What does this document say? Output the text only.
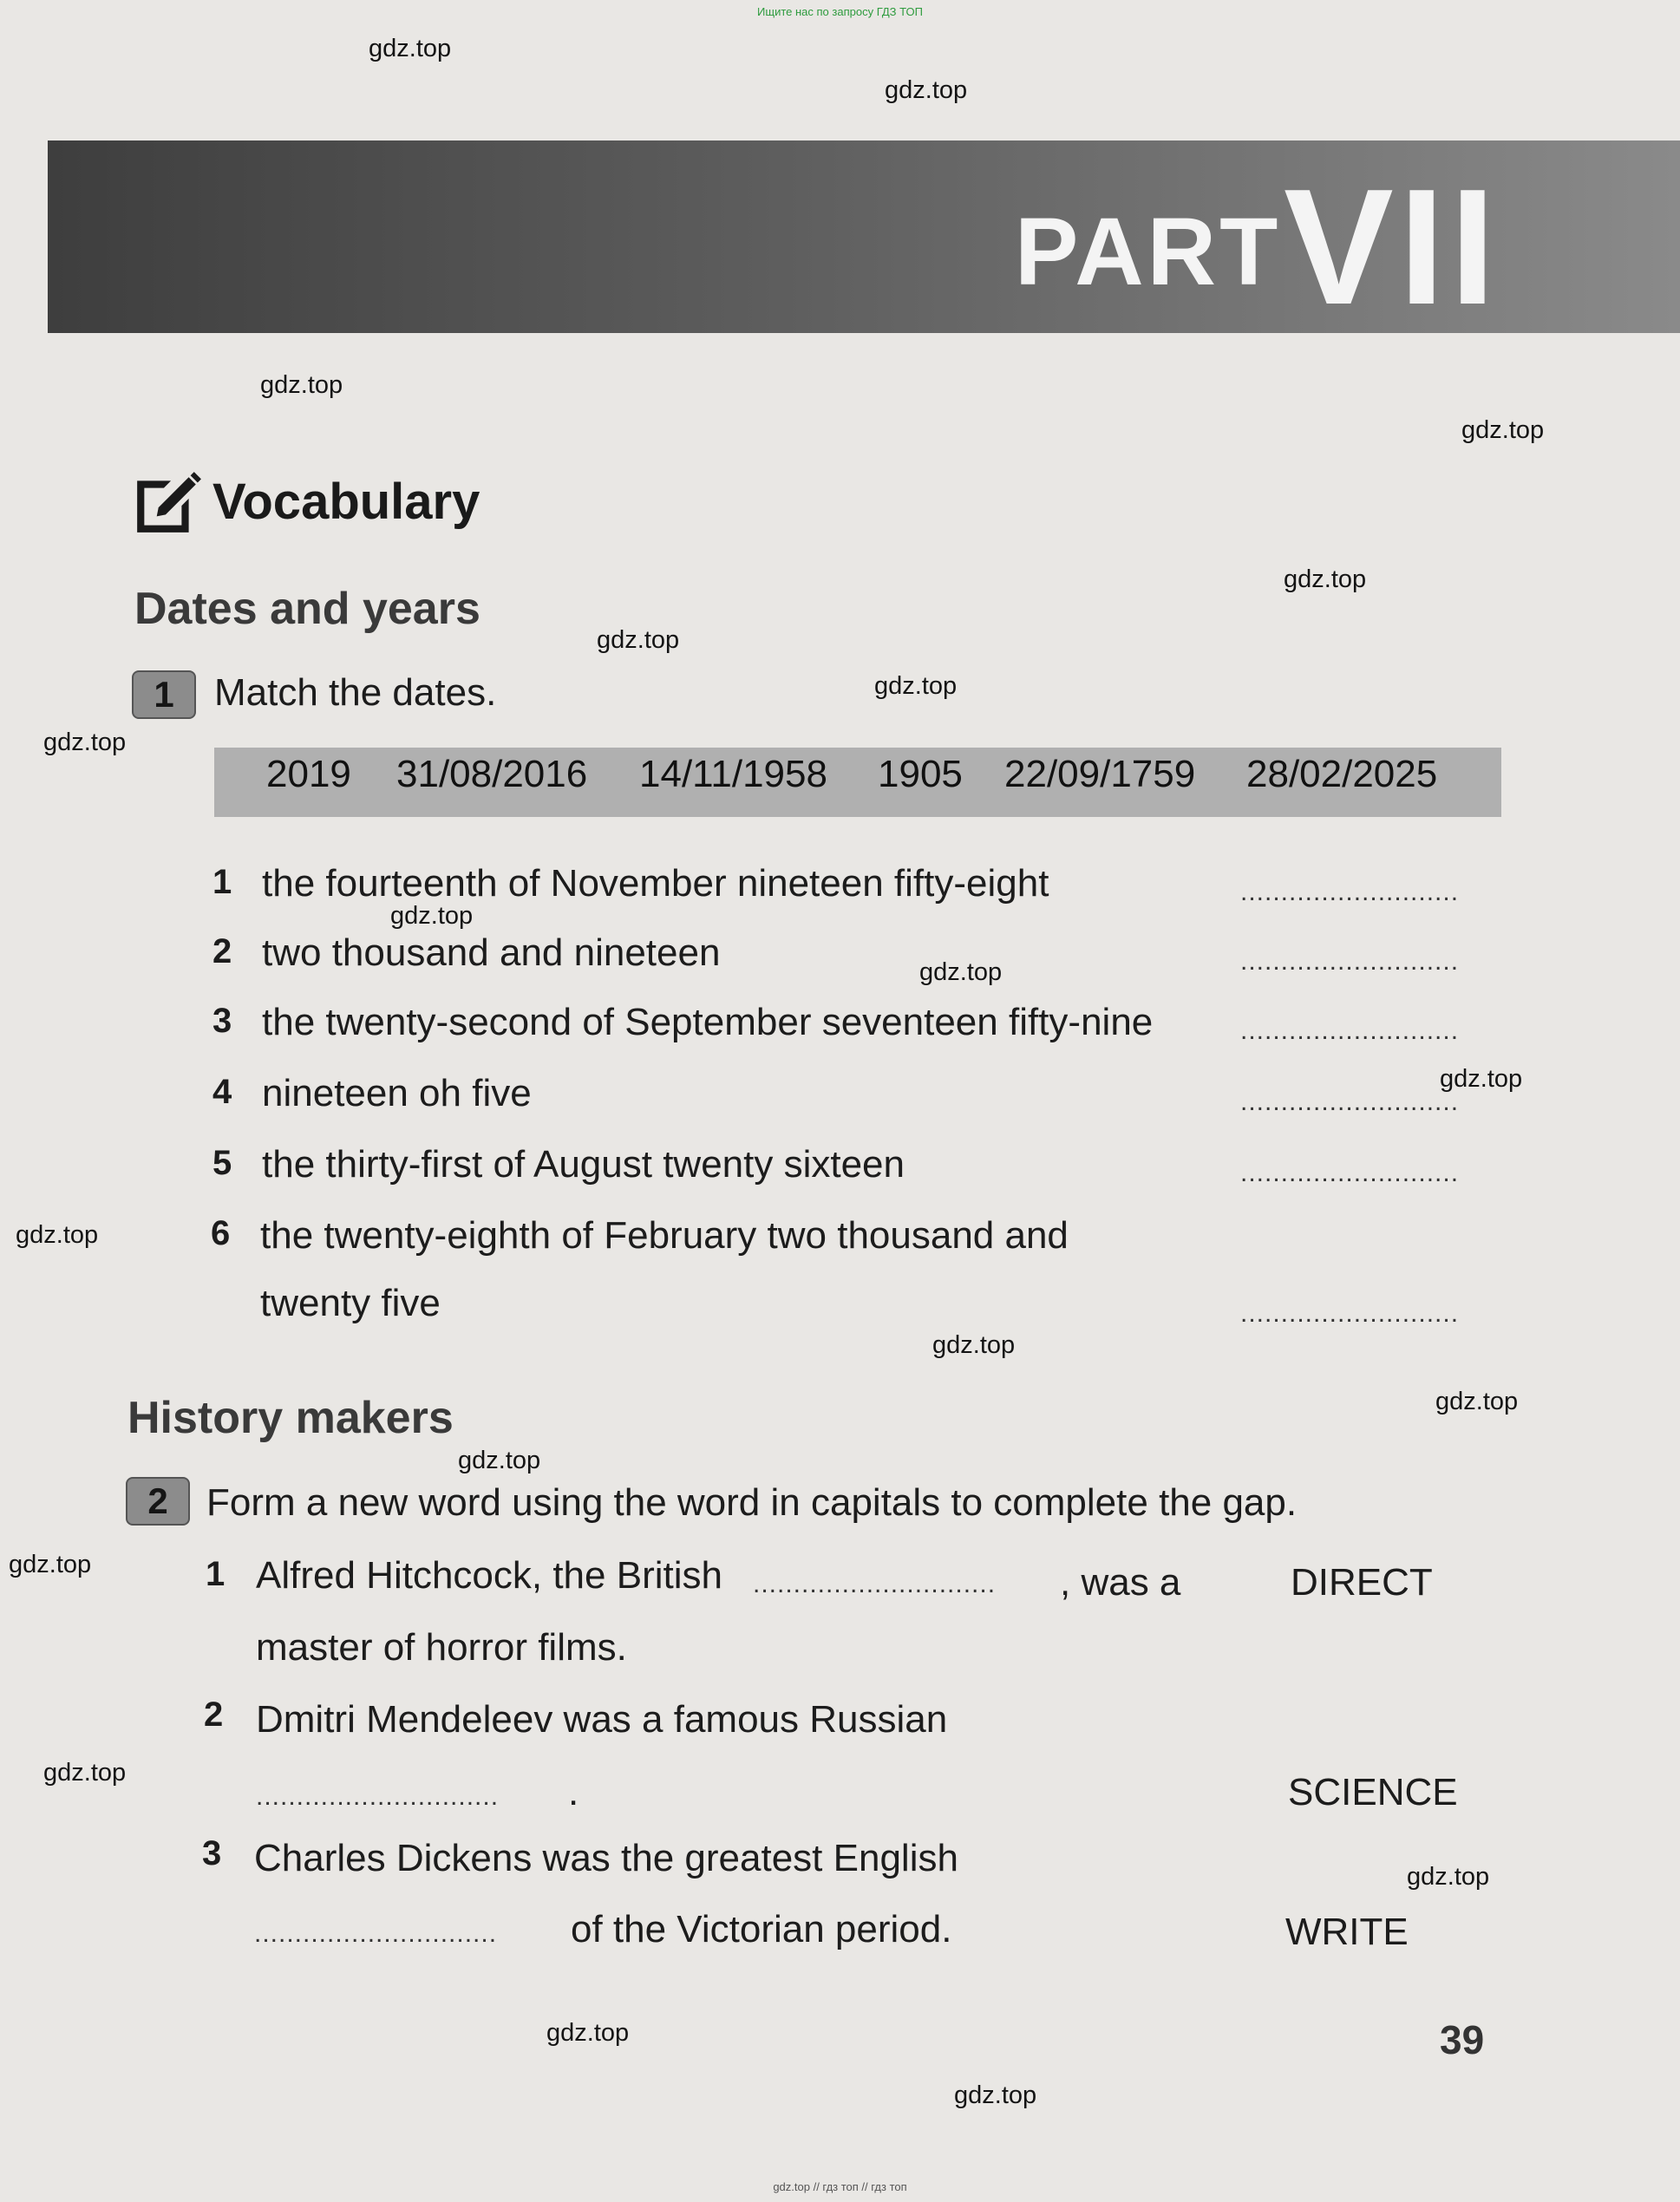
Ищите нас по запросу ГДЗ ТОП
PART VII
gdz.top
gdz.top
gdz.top
gdz.top
gdz.top
gdz.top
gdz.top
gdz.top
gdz.top
gdz.top
gdz.top
gdz.top
gdz.top
gdz.top
gdz.top
gdz.top
gdz.top
gdz.top
gdz.top
gdz.top
Vocabulary
Dates and years
1	Match the dates.
2019 31/08/2016 14/11/1958 1905 22/09/1759 28/02/2025
1 the fourteenth of November nineteen fifty-eight	...........................
2 two thousand and nineteen	...........................
3 the twenty-second of September seventeen fifty-nine	...........................
4 nineteen oh five	...........................
5 the thirty-first of August twenty sixteen	...........................
6 the twenty-eighth of February two thousand and
twenty five	...........................
History makers
2	Form a new word using the word in capitals to complete the gap.
1 Alfred Hitchcock, the British .............................. , was a	DIRECT
master of horror films.
2 Dmitri Mendeleev was a famous Russian
.............................. .	SCIENCE
3 Charles Dickens was the greatest English
.............................. of the Victorian period.	WRITE
39
gdz.top // гдз топ // гдз топ
